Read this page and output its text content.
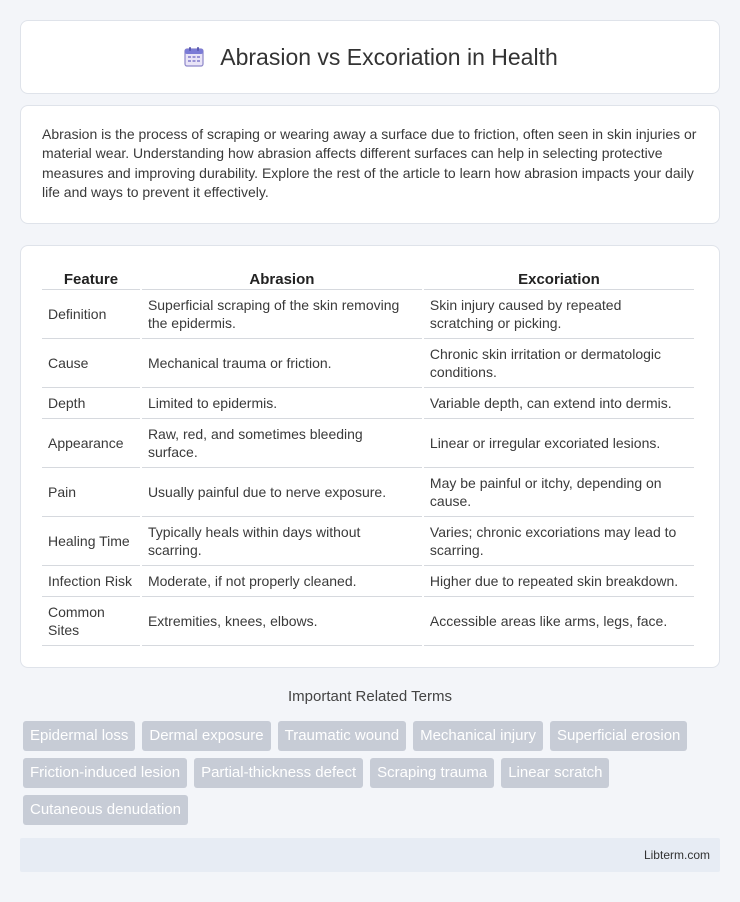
Abrasion vs Excoriation in Health

Abrasion is the process of scraping or wearing away a surface due to friction, often seen in skin injuries or material wear. Understanding how abrasion affects different surfaces can help in selecting protective measures and improving durability. Explore the rest of the article to learn how abrasion impacts your daily life and ways to prevent it effectively.

Feature	Abrasion	Excoriation
Definition	Superficial scraping of the skin removing the epidermis.	Skin injury caused by repeated scratching or picking.
Cause	Mechanical trauma or friction.	Chronic skin irritation or dermatologic conditions.
Depth	Limited to epidermis.	Variable depth, can extend into dermis.
Appearance	Raw, red, and sometimes bleeding surface.	Linear or irregular excoriated lesions.
Pain	Usually painful due to nerve exposure.	May be painful or itchy, depending on cause.
Healing Time	Typically heals within days without scarring.	Varies; chronic excoriations may lead to scarring.
Infection Risk	Moderate, if not properly cleaned.	Higher due to repeated skin breakdown.
Common Sites	Extremities, knees, elbows.	Accessible areas like arms, legs, face.
Important Related Terms
Epidermal loss	Dermal exposure	Traumatic wound	Mechanical injury	Superficial erosion
Friction-induced lesion	Partial-thickness defect	Scraping trauma	Linear scratch
Cutaneous denudation
Libterm.com
